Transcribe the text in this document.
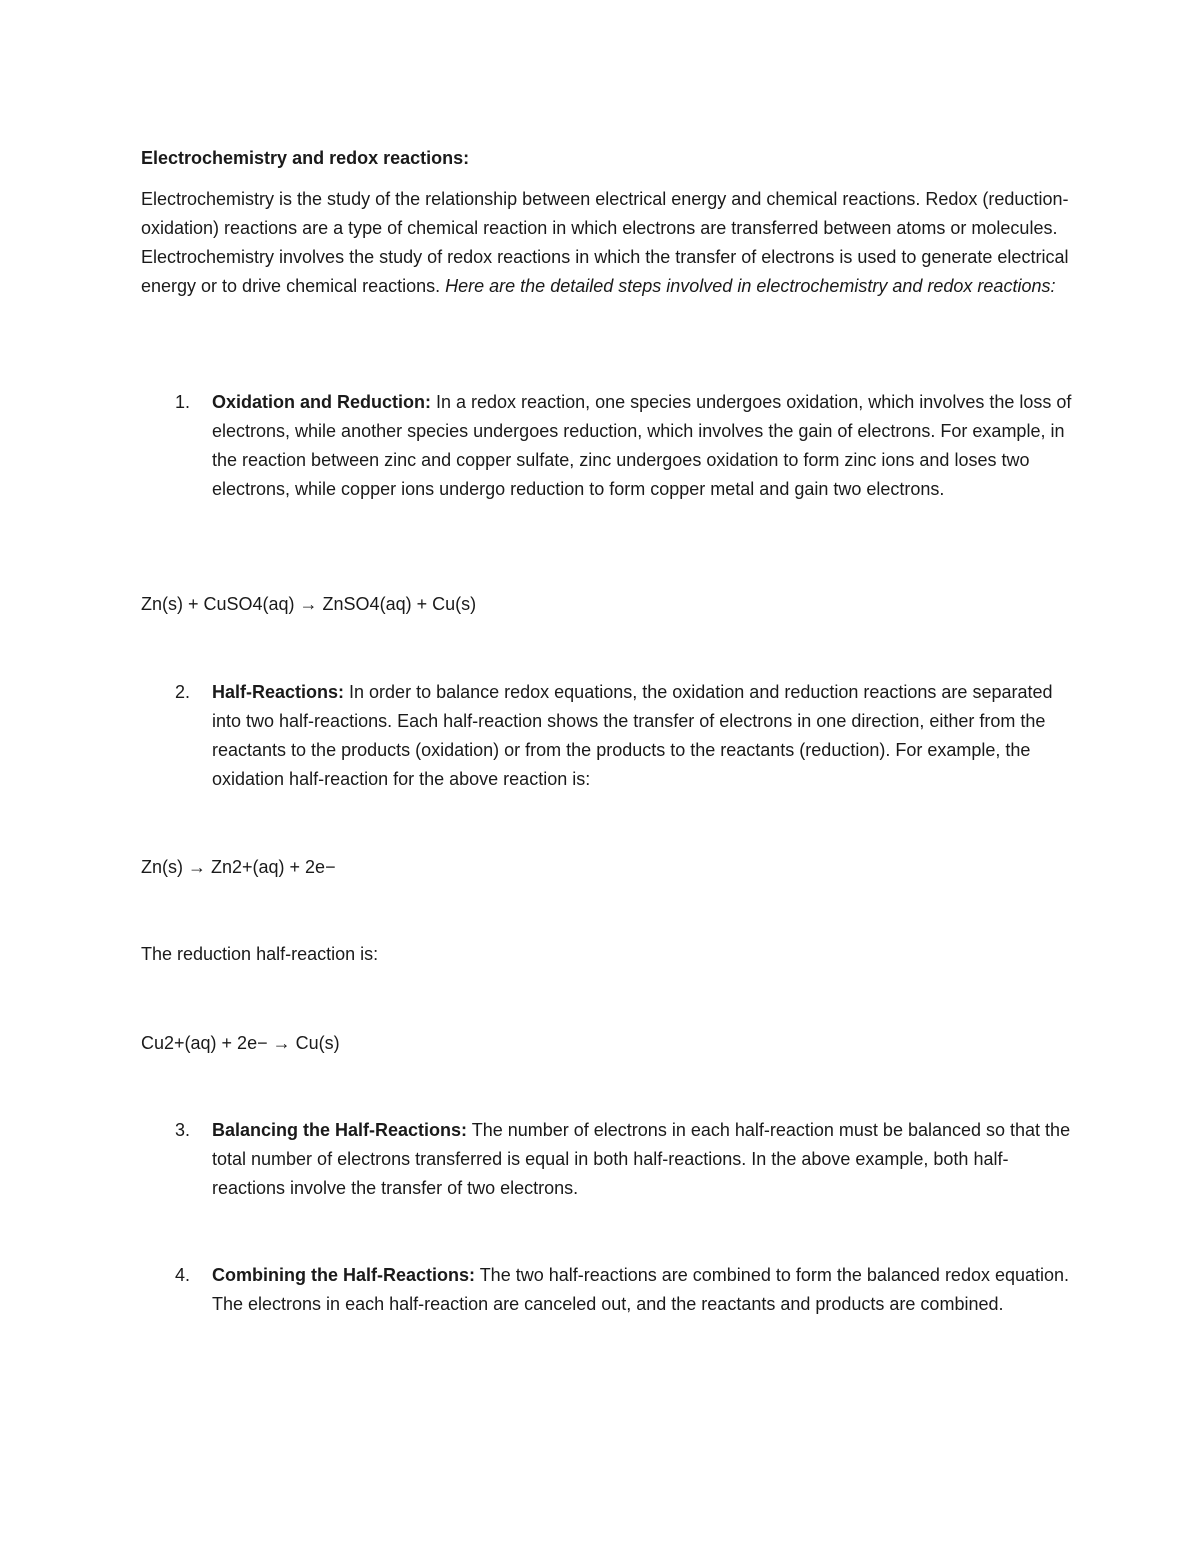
Electrochemistry and redox reactions:

Electrochemistry is the study of the relationship between electrical energy and chemical reactions. Redox (reduction-oxidation) reactions are a type of chemical reaction in which electrons are transferred between atoms or molecules. Electrochemistry involves the study of redox reactions in which the transfer of electrons is used to generate electrical energy or to drive chemical reactions. Here are the detailed steps involved in electrochemistry and redox reactions:

1.	Oxidation and Reduction: In a redox reaction, one species undergoes oxidation, which involves the loss of electrons, while another species undergoes reduction, which involves the gain of electrons. For example, in the reaction between zinc and copper sulfate, zinc undergoes oxidation to form zinc ions and loses two electrons, while copper ions undergo reduction to form copper metal and gain two electrons.
Zn(s) + CuSO4(aq) → ZnSO4(aq) + Cu(s)
2.	Half-Reactions: In order to balance redox equations, the oxidation and reduction reactions are separated into two half-reactions. Each half-reaction shows the transfer of electrons in one direction, either from the reactants to the products (oxidation) or from the products to the reactants (reduction). For example, the oxidation half-reaction for the above reaction is:
Zn(s) → Zn2+(aq) + 2e−
The reduction half-reaction is:
Cu2+(aq) + 2e− → Cu(s)
3.	Balancing the Half-Reactions: The number of electrons in each half-reaction must be balanced so that the total number of electrons transferred is equal in both half-reactions. In the above example, both half-reactions involve the transfer of two electrons.
4.	Combining the Half-Reactions: The two half-reactions are combined to form the balanced redox equation. The electrons in each half-reaction are canceled out, and the reactants and products are combined.
